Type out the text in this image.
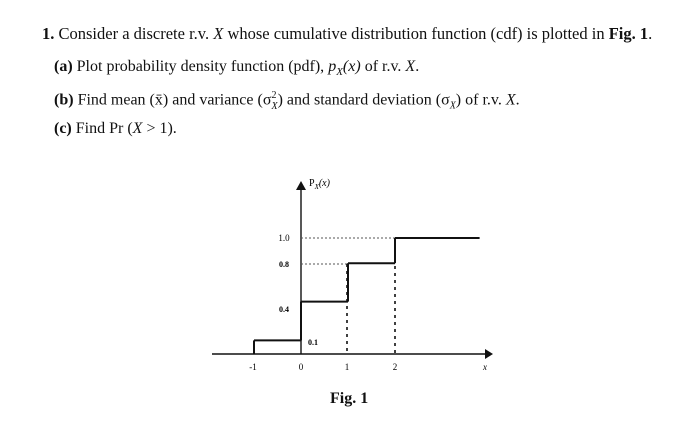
1. Consider a discrete r.v. X whose cumulative distribution function (cdf) is plotted in Fig. 1.
(a) Plot probability density function (pdf), $p_X(x)$ of r.v. X.
(b) Find mean (x̄) and variance $(\sigma^2_X)$ and standard deviation $(\sigma_X)$ of r.v. X.
(c) Find Pr (X > 1).
$P_X(x)$
1.0
0.8
0.4
0.1
-1	0	1	2	x
Fig. 1
